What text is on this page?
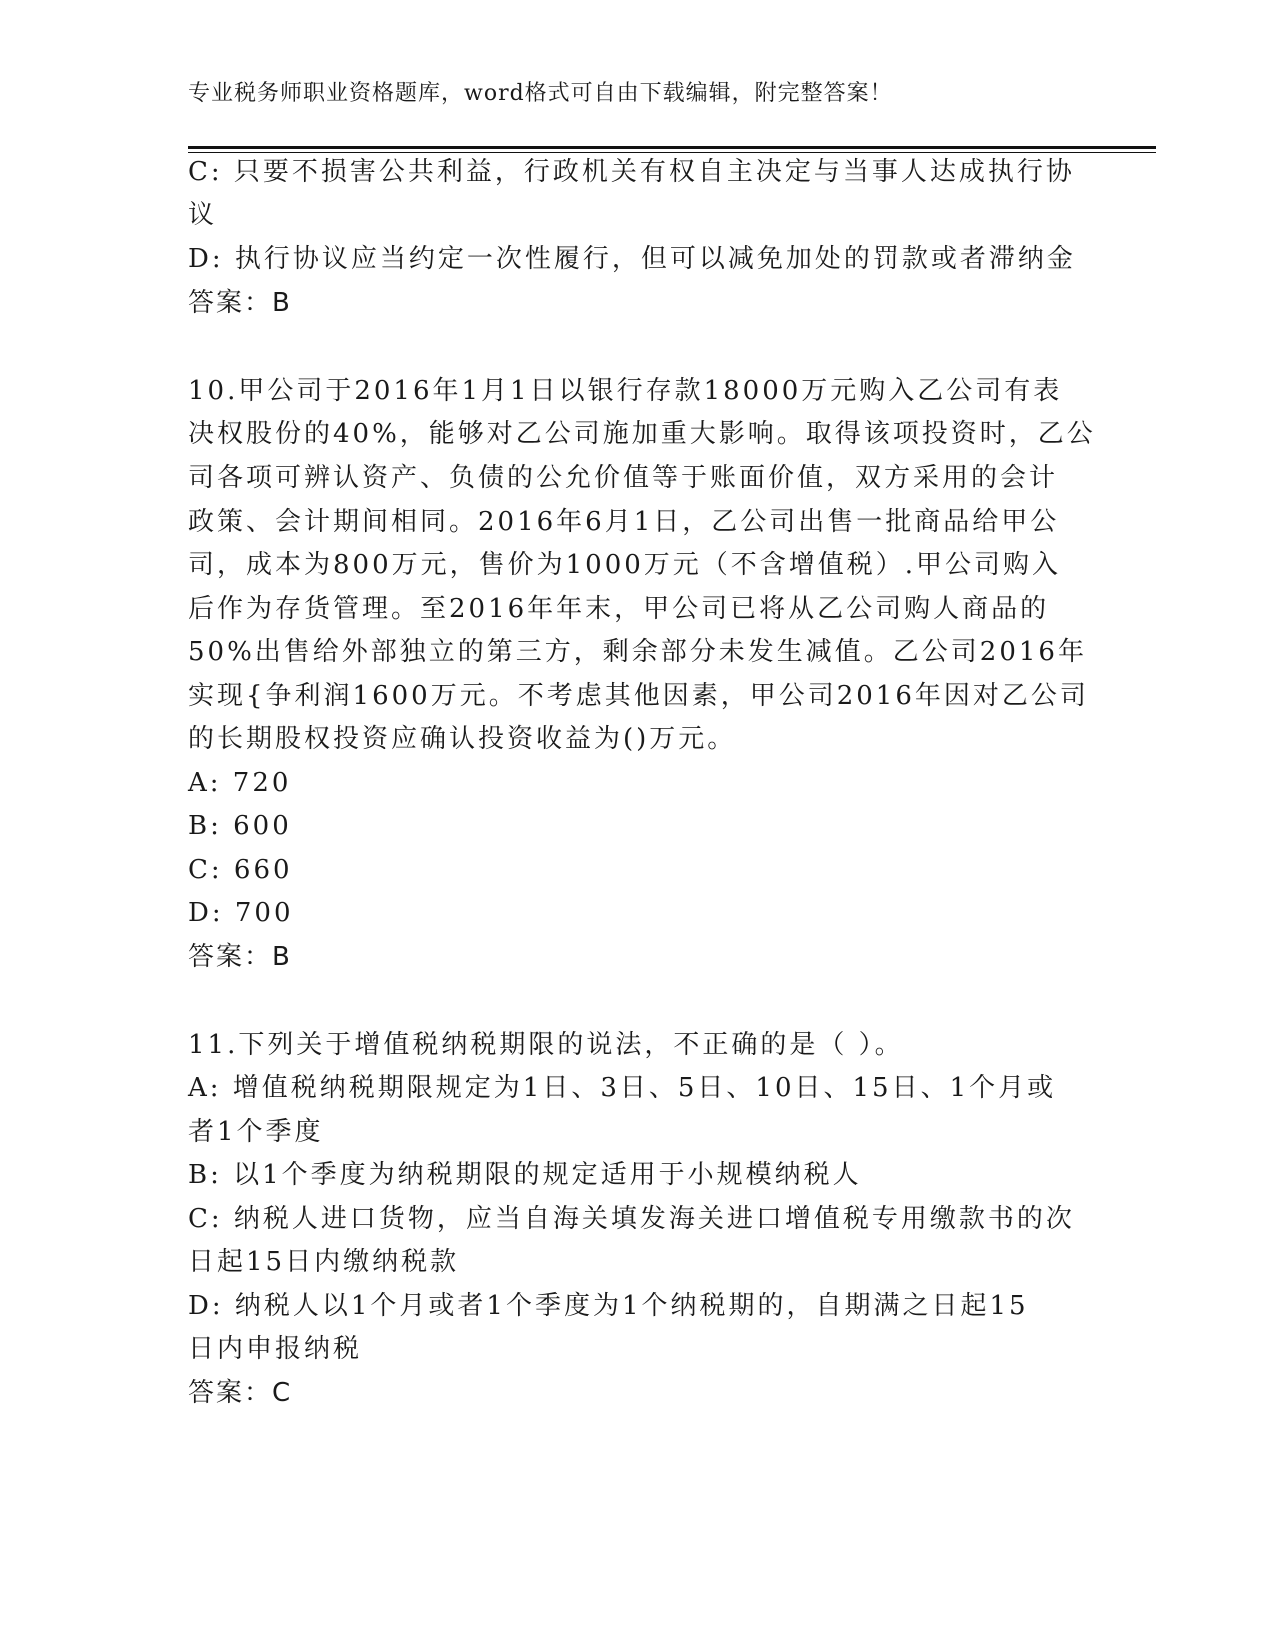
专业税务师职业资格题库，word格式可自由下载编辑，附完整答案！
C: 只要不损害公共利益，行政机关有权自主决定与当事人达成执行协
议
D: 执行协议应当约定一次性履行，但可以减免加处的罚款或者滞纳金
答案：B
10.甲公司于2016年1月1日以银行存款18000万元购入乙公司有表
决权股份的40%，能够对乙公司施加重大影响。取得该项投资时，乙公
司各项可辨认资产、负债的公允价值等于账面价值，双方采用的会计
政策、会计期间相同。2016年6月1日，乙公司出售一批商品给甲公
司，成本为800万元，售价为1000万元（不含增值税）.甲公司购入
后作为存货管理。至2016年年末，甲公司已将从乙公司购人商品的
50%出售给外部独立的第三方，剩余部分未发生减值。乙公司2016年
实现{争利润1600万元。不考虑其他因素，甲公司2016年因对乙公司
的长期股权投资应确认投资收益为()万元。
A: 720
B: 600
C: 660
D: 700
答案：B
11.下列关于增值税纳税期限的说法，不正确的是（ ）。
A: 增值税纳税期限规定为1日、3日、5日、10日、15日、1个月或
者1个季度
B: 以1个季度为纳税期限的规定适用于小规模纳税人
C: 纳税人进口货物，应当自海关填发海关进口增值税专用缴款书的次
日起15日内缴纳税款
D: 纳税人以1个月或者1个季度为1个纳税期的，自期满之日起15
日内申报纳税
答案：C
